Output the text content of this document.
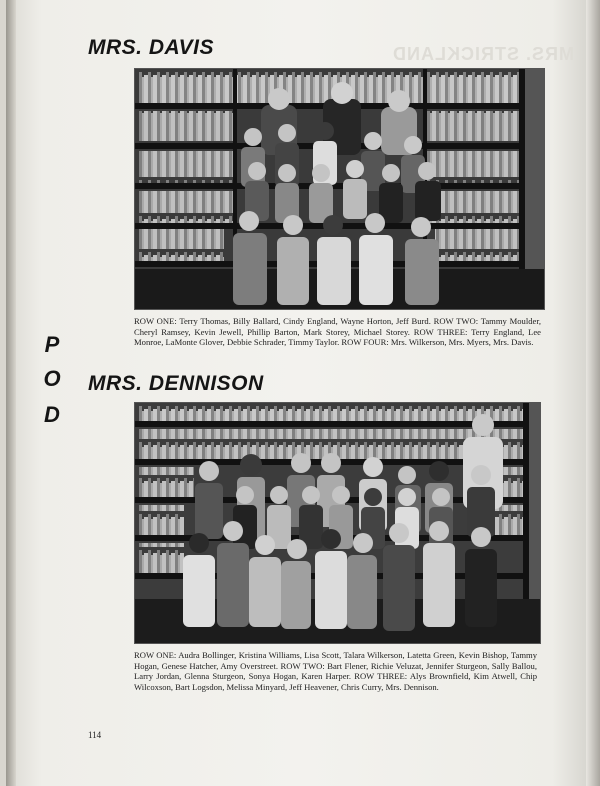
MRS. STRICKLAND
MRS. DAVIS

ROW ONE: Terry Thomas, Billy Ballard, Cindy England, Wayne Horton, Jeff Burd. ROW TWO: Tammy Moulder, Cheryl Ramsey, Kevin Jewell, Phillip Barton, Mark Storey, Michael Storey. ROW THREE: Terry England, Lee Monroe, LaMonte Glover, Debbie Schrader, Timmy Taylor. ROW FOUR: Mrs. Wilkerson, Mrs. Myers, Mrs. Davis.

P
O
D
MRS. DENNISON

ROW ONE: Audra Bollinger, Kristina Williams, Lisa Scott, Talara Wilkerson, Latetta Green, Kevin Bishop, Tammy Hogan, Genese Hatcher, Amy Overstreet. ROW TWO: Bart Flener, Richie Veluzat, Jennifer Sturgeon, Sally Ballou, Larry Jordan, Glenna Sturgeon, Sonya Hogan, Karen Harper. ROW THREE: Alys Brownfield, Kim Atwell, Chip Wilcoxson, Bart Logsdon, Melissa Minyard, Jeff Heavener, Chris Curry, Mrs. Dennison.

114
